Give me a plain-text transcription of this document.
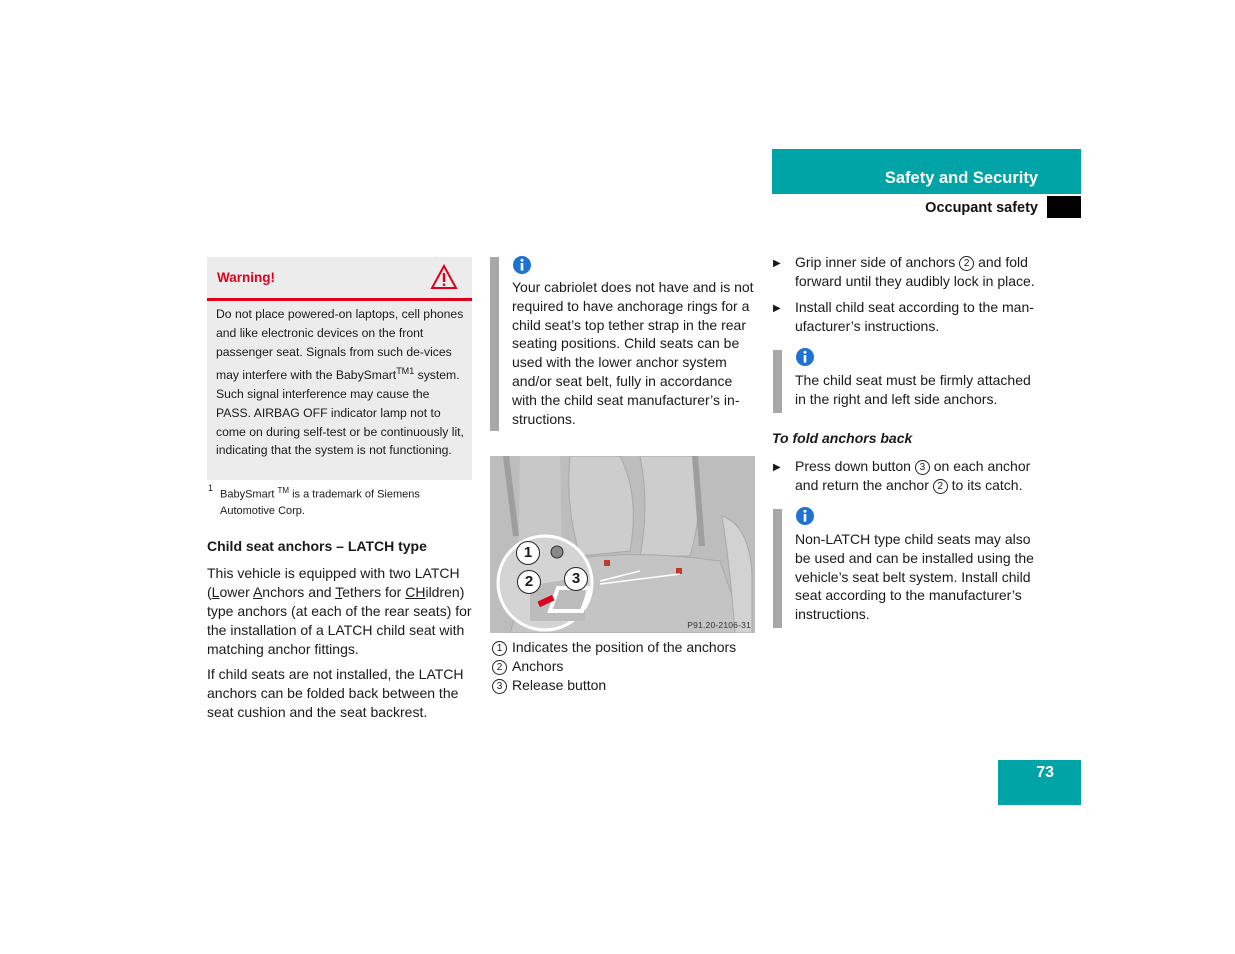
Safety and Security
Occupant safety
Warning!
Do not place powered-on laptops, cell phones and like electronic devices on the front passenger seat. Signals from such de-vices may interfere with the BabySmart$^{TM1}$ system. Such signal interference may cause the PASS. AIRBAG OFF indicator lamp not to come on during self-test or be continuously lit, indicating that the system is not functioning.
1
BabySmart ™ is a trademark of Siemens Automotive Corp.
Child seat anchors – LATCH type
This vehicle is equipped with two LATCH (Lower Anchors and Tethers for CHildren) type anchors (at each of the rear seats) for the installation of a LATCH child seat with matching anchor fittings.
If child seats are not installed, the LATCH anchors can be folded back between the seat cushion and the seat backrest.
Your cabriolet does not have and is not required to have anchorage rings for a child seat’s top tether strap in the rear seating positions. Child seats can be used with the lower anchor system and/or seat belt, fully in accordance with the child seat manufacturer’s in-structions.
1
2	3
P91.20-2106-31
1 Indicates the position of the anchors
2 Anchors
3 Release button
▶ Grip inner side of anchors 2 and fold forward until they audibly lock in place.
▶ Install child seat according to the man-ufacturer’s instructions.
The child seat must be firmly attached in the right and left side anchors.
To fold anchors back
▶ Press down button 3 on each anchor and return the anchor 2 to its catch.
Non-LATCH type child seats may also be used and can be installed using the vehicle’s seat belt system. Install child seat according to the manufacturer’s instructions.
73
